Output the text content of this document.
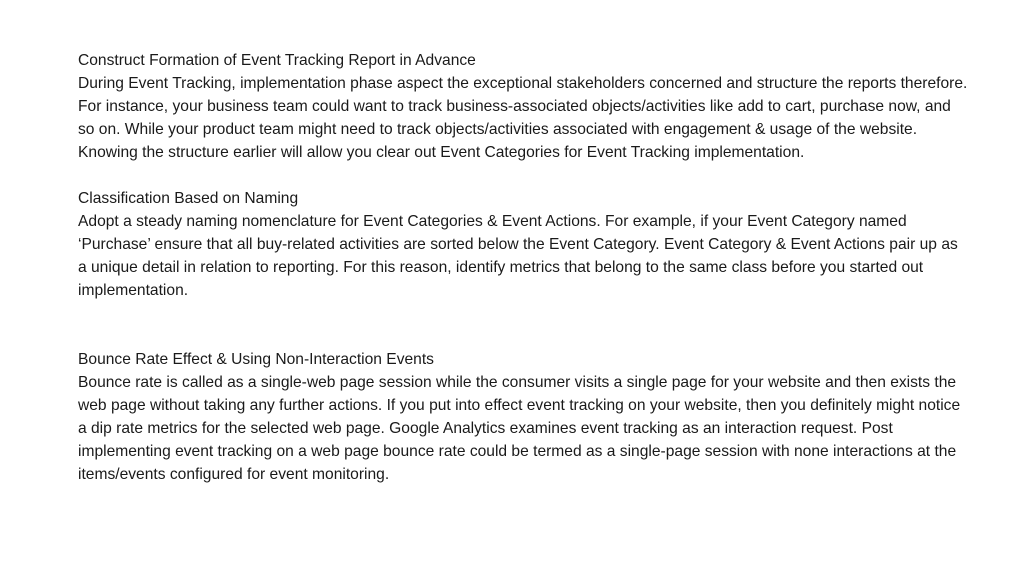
Construct Formation of Event Tracking Report in Advance

During Event Tracking, implementation phase aspect the exceptional stakeholders concerned and structure the reports therefore. For instance, your business team could want to track business-associated objects/activities like add to cart, purchase now, and so on. While your product team might need to track objects/activities associated with engagement & usage of the website.

Knowing the structure earlier will allow you clear out Event Categories for Event Tracking implementation.

Classification Based on Naming

Adopt a steady naming nomenclature for Event Categories & Event Actions. For example, if your Event Category named ‘Purchase’ ensure that all buy-related activities are sorted below the Event Category. Event Category & Event Actions pair up as a unique detail in relation to reporting. For this reason, identify metrics that belong to the same class before you started out implementation.

Bounce Rate Effect & Using Non-Interaction Events

Bounce rate is called as a single-web page session while the consumer visits a single page for your website and then exists the web page without taking any further actions. If you put into effect event tracking on your website, then you definitely might notice a dip rate metrics for the selected web page. Google Analytics examines event tracking as an interaction request. Post implementing event tracking on a web page bounce rate could be termed as a single-page session with none interactions at the items/events configured for event monitoring.
